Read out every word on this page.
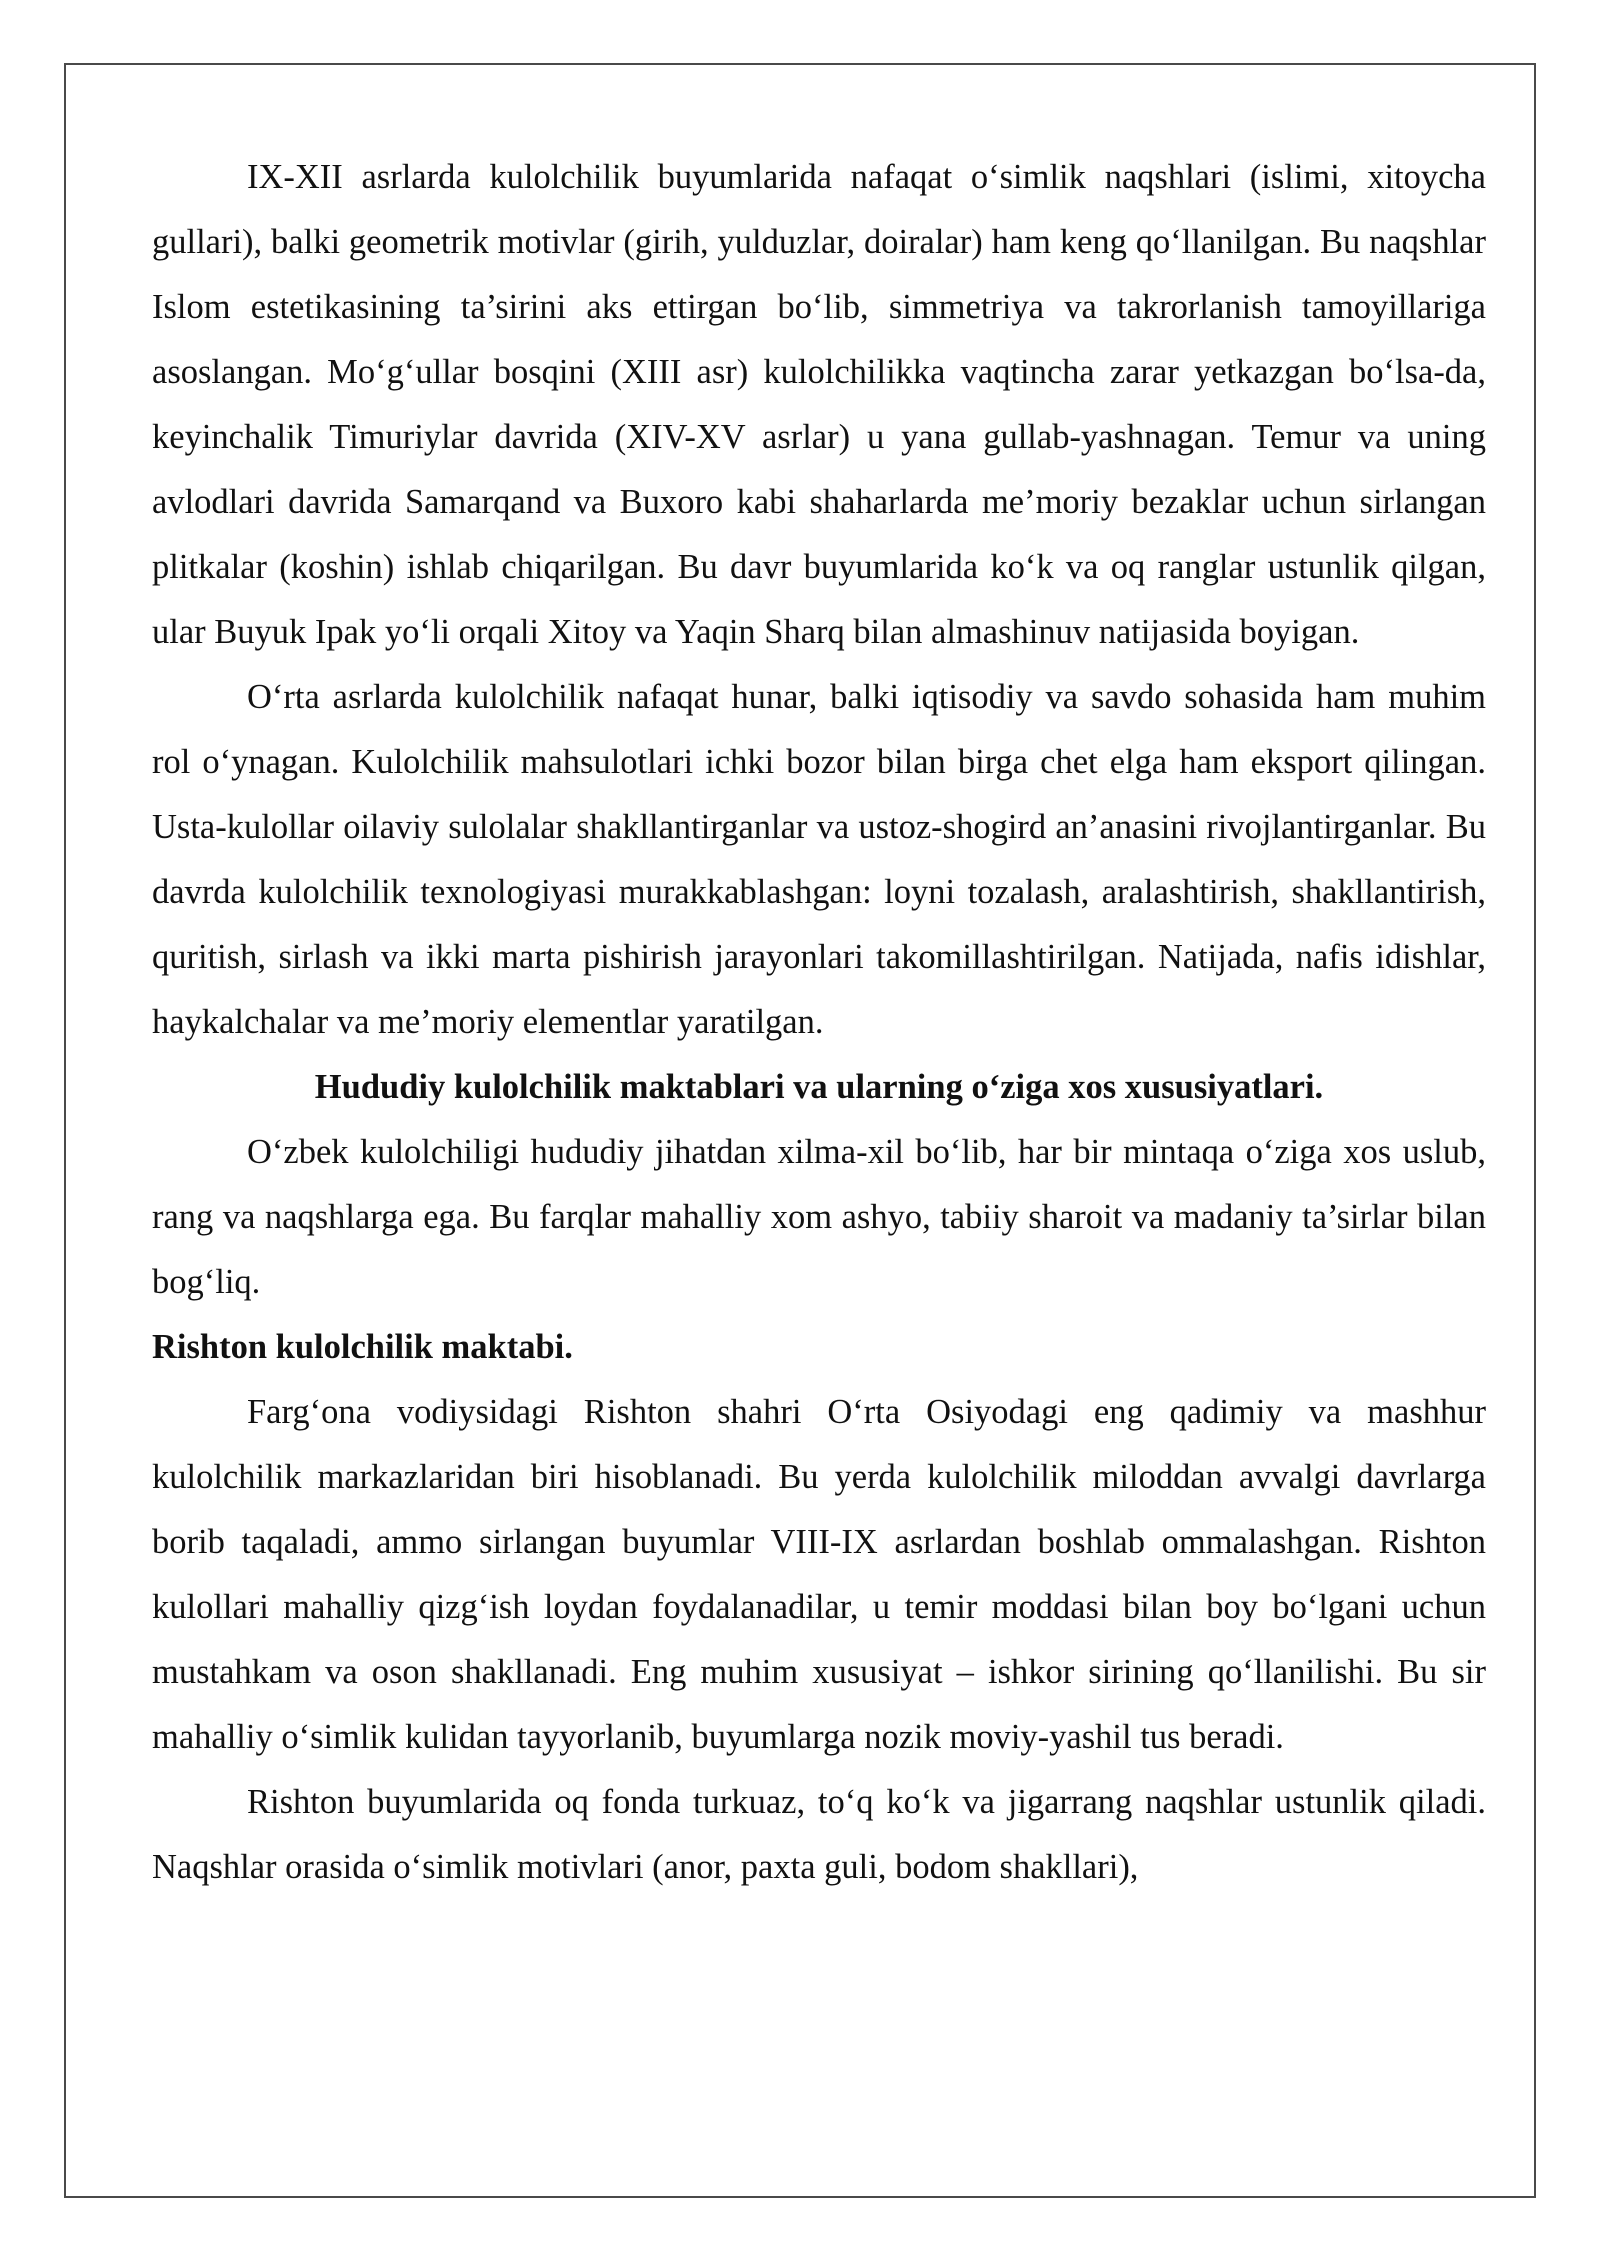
IX-XII asrlarda kulolchilik buyumlarida nafaqat o‘simlik naqshlari (islimi, xitoycha gullari), balki geometrik motivlar (girih, yulduzlar, doiralar) ham keng qo‘llanilgan. Bu naqshlar Islom estetikasining ta’sirini aks ettirgan bo‘lib, simmetriya va takrorlanish tamoyillariga asoslangan. Mo‘g‘ullar bosqini (XIII asr) kulolchilikka vaqtincha zarar yetkazgan bo‘lsa-da, keyinchalik Timuriylar davrida (XIV-XV asrlar) u yana gullab-yashnagan. Temur va uning avlodlari davrida Samarqand va Buxoro kabi shaharlarda me’moriy bezaklar uchun sirlangan plitkalar (koshin) ishlab chiqarilgan. Bu davr buyumlarida ko‘k va oq ranglar ustunlik qilgan, ular Buyuk Ipak yo‘li orqali Xitoy va Yaqin Sharq bilan almashinuv natijasida boyigan.

O‘rta asrlarda kulolchilik nafaqat hunar, balki iqtisodiy va savdo sohasida ham muhim rol o‘ynagan. Kulolchilik mahsulotlari ichki bozor bilan birga chet elga ham eksport qilingan. Usta-kulollar oilaviy sulolalar shakllantirganlar va ustoz-shogird an’anasini rivojlantirganlar. Bu davrda kulolchilik texnologiyasi murakkablashgan: loyni tozalash, aralashtirish, shakllantirish, quritish, sirlash va ikki marta pishirish jarayonlari takomillashtirilgan. Natijada, nafis idishlar, haykalchalar va me’moriy elementlar yaratilgan.

Hududiy kulolchilik maktablari va ularning o‘ziga xos xususiyatlari.

O‘zbek kulolchiligi hududiy jihatdan xilma-xil bo‘lib, har bir mintaqa o‘ziga xos uslub, rang va naqshlarga ega. Bu farqlar mahalliy xom ashyo, tabiiy sharoit va madaniy ta’sirlar bilan bog‘liq.

Rishton kulolchilik maktabi.

Farg‘ona vodiysidagi Rishton shahri O‘rta Osiyodagi eng qadimiy va mashhur kulolchilik markazlaridan biri hisoblanadi. Bu yerda kulolchilik miloddan avvalgi davrlarga borib taqaladi, ammo sirlangan buyumlar VIII-IX asrlardan boshlab ommalashgan. Rishton kulollari mahalliy qizg‘ish loydan foydalanadilar, u temir moddasi bilan boy bo‘lgani uchun mustahkam va oson shakllanadi. Eng muhim xususiyat – ishkor sirining qo‘llanilishi. Bu sir mahalliy o‘simlik kulidan tayyorlanib, buyumlarga nozik moviy-yashil tus beradi.

Rishton buyumlarida oq fonda turkuaz, to‘q ko‘k va jigarrang naqshlar ustunlik qiladi. Naqshlar orasida o‘simlik motivlari (anor, paxta guli, bodom shakllari),
